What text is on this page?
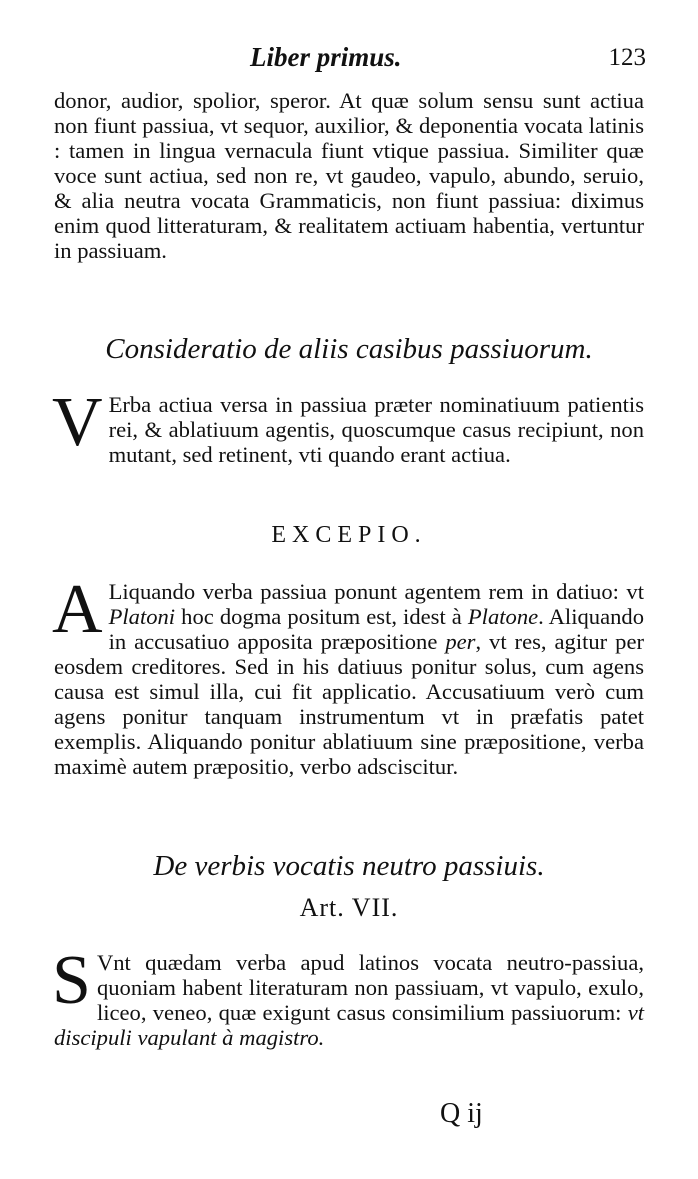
Liber primus.	123

donor, audior, spolior, speror. At quæ solum sensu sunt actiua non fiunt passiua, vt sequor, auxilior, & deponentia vocata latinis : tamen in lingua vernacula fiunt vtique passiua. Similiter quæ voce sunt actiua, sed non re, vt gaudeo, vapulo, abundo, seruio, & alia neutra vocata Grammaticis, non fiunt passiua: diximus enim quod litteraturam, & realitatem actiuam habentia, vertuntur in passiuam.

Consideratio de aliis casibus passiuorum.

V Erba actiua versa in passiua præter nominatiuum patientis rei, & ablatiuum agentis, quoscumque casus recipiunt, non mutant, sed retinent, vti quando erant actiua.

EXCEPIO.

A Liquando verba passiua ponunt agentem rem in datiuo: vt Platoni hoc dogma positum est, idest à Platone. Aliquando in accusatiuo apposita præpositione per, vt res, agitur per eosdem creditores. Sed in his datiuus ponitur solus, cum agens causa est simul illa, cui fit applicatio. Accusatiuum verò cum agens ponitur tanquam instrumentum vt in præfatis patet exemplis. Aliquando ponitur ablatiuum sine præpositione, verba maximè autem præpositio, verbo adsciscitur.

De verbis vocatis neutro passiuis.
Art. VII.

S Vnt quædam verba apud latinos vocata neutro-passiua, quoniam habent literaturam non passiuam, vt vapulo, exulo, liceo, veneo, quæ exigunt casus consimilium passiuorum: vt discipuli vapulant à magistro.

Q ij
